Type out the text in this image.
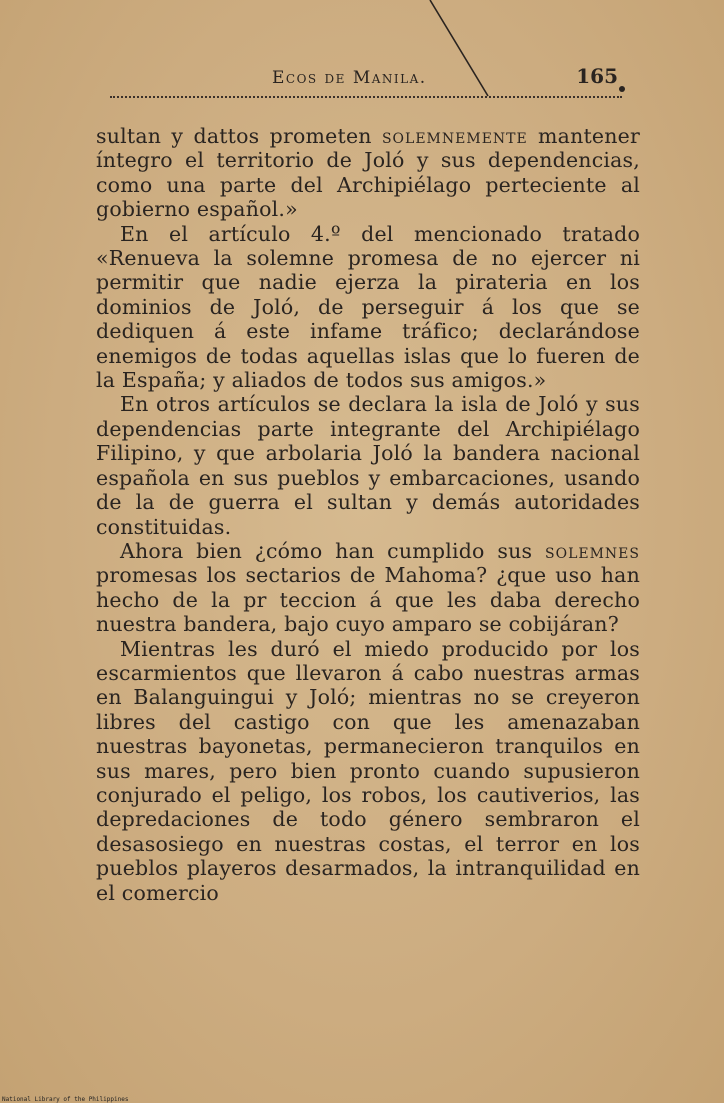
Ecos de Manila.	165

sultan y dattos prometen solemnemente mantener íntegro el territorio de Joló y sus dependencias, como una parte del Archipiélago perteciente al gobierno español.»

En el artículo 4.º del mencionado tratado «Renueva la solemne promesa de no ejercer ni permitir que nadie ejerza la pirateria en los dominios de Joló, de perseguir á los que se dediquen á este infame tráfico; declarándose enemigos de todas aquellas islas que lo fueren de la España; y aliados de todos sus amigos.»

En otros artículos se declara la isla de Joló y sus dependencias parte integrante del Archipiélago Filipino, y que arbolaria Joló la bandera nacional española en sus pueblos y embarcaciones, usando de la de guerra el sultan y demás autoridades constituidas.

Ahora bien ¿cómo han cumplido sus solemnes promesas los sectarios de Mahoma? ¿que uso han hecho de la pr teccion á que les daba derecho nuestra bandera, bajo cuyo amparo se cobijáran?

Mientras les duró el miedo producido por los escarmientos que llevaron á cabo nuestras armas en Balanguingui y Joló; mientras no se creyeron libres del castigo con que les amenazaban nuestras bayonetas, permanecieron tranquilos en sus mares, pero bien pronto cuando supusieron conjurado el peligo, los robos, los cautiverios, las depredaciones de todo género sembraron el desasosiego en nuestras costas, el terror en los pueblos playeros desarmados, la intranquilidad en el comercio

National Library of the Philippines
